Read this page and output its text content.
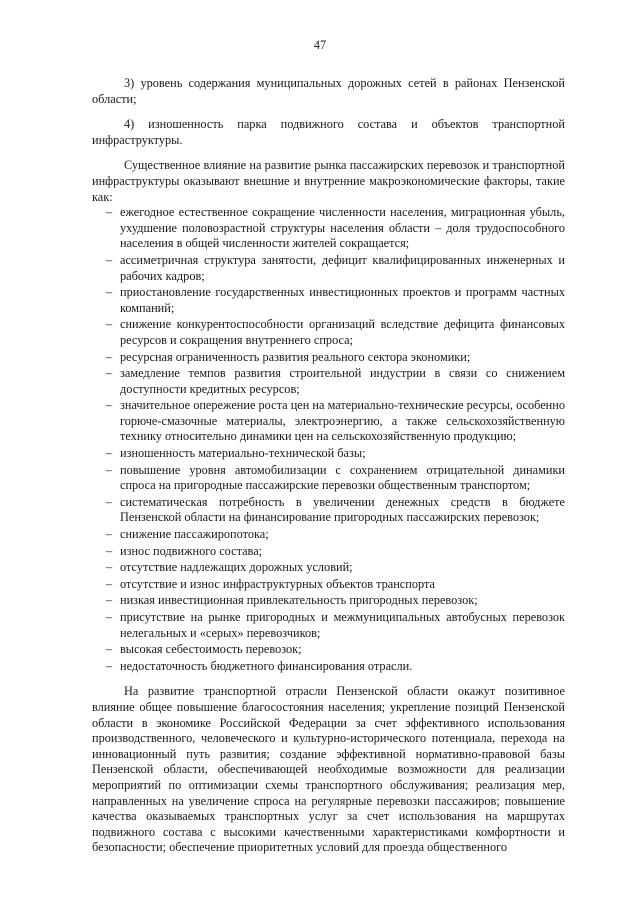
47

3) уровень содержания муниципальных дорожных сетей в районах Пензенской области;

4) изношенность парка подвижного состава и объектов транспортной инфраструктуры.

Существенное влияние на развитие рынка пассажирских перевозок и транспортной инфраструктуры оказывают внешние и внутренние макроэкономические факторы, такие как:

– ежегодное естественное сокращение численности населения, миграционная убыль, ухудшение половозрастной структуры населения области – доля трудоспособного населения в общей численности жителей сокращается;
– ассиметричная структура занятости, дефицит квалифицированных инженерных и рабочих кадров;
– приостановление государственных инвестиционных проектов и программ частных компаний;
– снижение конкурентоспособности организаций вследствие дефицита финансовых ресурсов и сокращения внутреннего спроса;
– ресурсная ограниченность развития реального сектора экономики;
– замедление темпов развития строительной индустрии в связи со снижением доступности кредитных ресурсов;
– значительное опережение роста цен на материально-технические ресурсы, особенно горюче-смазочные материалы, электроэнергию, а также сельскохозяйственную технику относительно динамики цен на сельскохозяйственную продукцию;
– изношенность материально-технической базы;
– повышение уровня автомобилизации с сохранением отрицательной динамики спроса на пригородные пассажирские перевозки общественным транспортом;
– систематическая потребность в увеличении денежных средств в бюджете Пензенской области на финансирование пригородных пассажирских перевозок;
– снижение пассажиропотока;
– износ подвижного состава;
– отсутствие надлежащих дорожных условий;
– отсутствие и износ инфраструктурных объектов транспорта
– низкая инвестиционная привлекательность пригородных перевозок;
– присутствие на рынке пригородных и межмуниципальных автобусных перевозок нелегальных и «серых» перевозчиков;
– высокая себестоимость перевозок;
– недостаточность бюджетного финансирования отрасли.

На развитие транспортной отрасли Пензенской области окажут позитивное влияние общее повышение благосостояния населения; укрепление позиций Пензенской области в экономике Российской Федерации за счет эффективного использования производственного, человеческого и культурно-исторического потенциала, перехода на инновационный путь развития; создание эффективной нормативно-правовой базы Пензенской области, обеспечивающей необходимые возможности для реализации мероприятий по оптимизации схемы транспортного обслуживания; реализация мер, направленных на увеличение спроса на регулярные перевозки пассажиров; повышение качества оказываемых транспортных услуг за счет использования на маршрутах подвижного состава с высокими качественными характеристиками комфортности и безопасности; обеспечение приоритетных условий для проезда общественного
